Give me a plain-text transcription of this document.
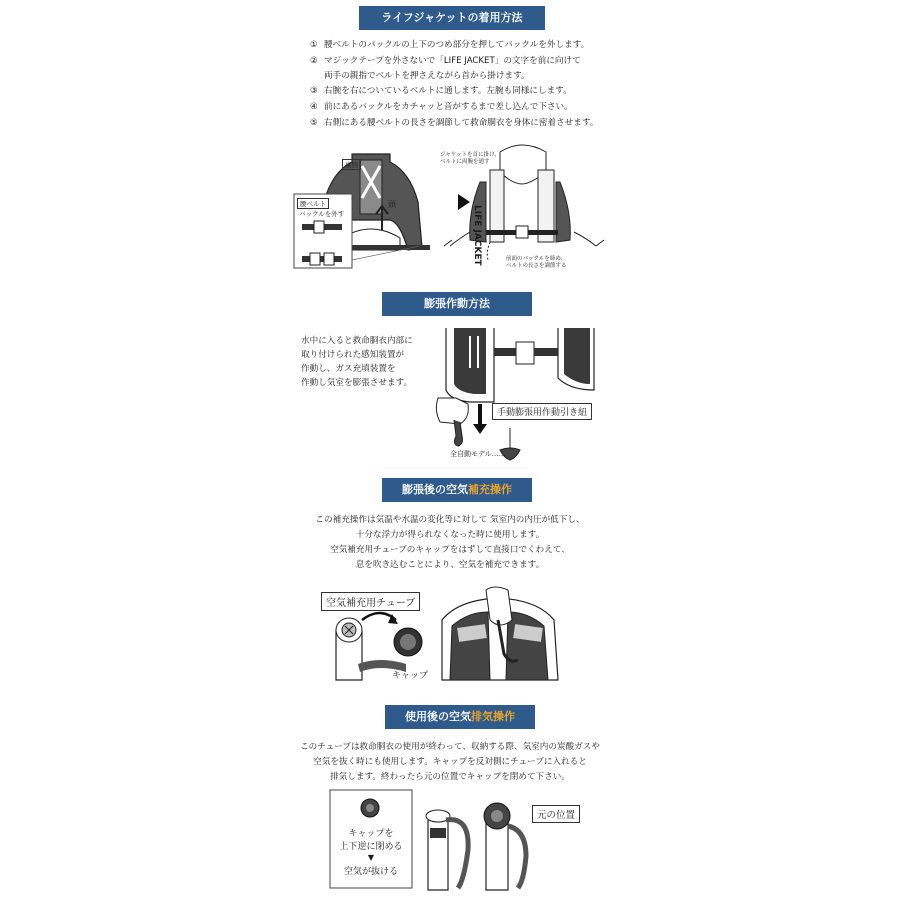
ライフジャケットの着用方法
① 腰ベルトのバックルの上下のつめ部分を押してバックルを外します。
② マジックテープを外さないで「LIFE JACKET」の文字を前に向けて
両手の親指でベルトを押さえながら首から掛けます。
③ 右腕を右についているベルトに通します。左腕も同様にします。
④ 前にあるバックルをカチャッと音がするまで差し込んで下さい。
⑤ 右側にある腰ベルトの長さを調節して救命胴衣を身体に密着させます。
裏側
腰ベルト
バックルを外す
頭
ジャケットを首に掛け、
ベルトに両腕を通す
前面のバックルを締め、
ベルトの長さを調節する
LIFE JACKET
膨張作動方法
水中に入ると救命胴衣内部に
取り付けられた感知装置が
作動し、ガス充填装置を
作動し気室を膨張させます。
手動膨張用作動引き紐
全自動モデル……
膨張後の空気補充操作
この補充操作は気温や水温の変化等に対して 気室内の内圧が低下し、
十分な浮力が得られなくなった時に使用します。
空気補充用チューブのキャップをはずして直接口でくわえて、
息を吹き込むことにより、空気を補充できます。
空気補充用チューブ
キャップ
使用後の空気排気操作
このチューブは救命胴衣の使用が終わって、収納する際、気室内の炭酸ガスや
空気を抜く時にも使用します。キャップを反対側にチューブに入れると
排気します。終わったら元の位置でキャップを閉めて下さい。
元の位置
キャップを
上下逆に閉める
▼
空気が抜ける
